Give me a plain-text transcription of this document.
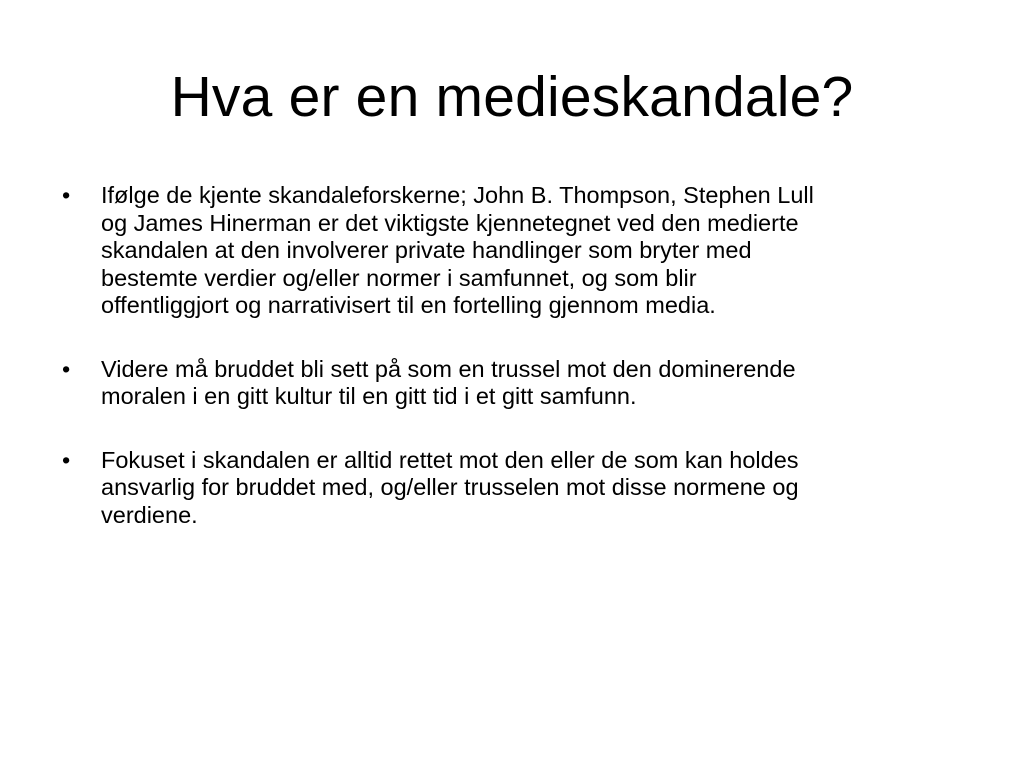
Hva er en medieskandale?
•	Ifølge de kjente skandaleforskerne; John B. Thompson, Stephen Lull
og James Hinerman er det viktigste kjennetegnet ved den medierte
skandalen at den involverer private handlinger som bryter med
bestemte verdier og/eller normer i samfunnet, og som blir
offentliggjort og narrativisert til en fortelling gjennom media.
•	Videre må bruddet bli sett på som en trussel mot den dominerende
moralen i en gitt kultur til en gitt tid i et gitt samfunn.
•	Fokuset i skandalen er alltid rettet mot den eller de som kan holdes
ansvarlig for bruddet med, og/eller trusselen mot disse normene og
verdiene.
